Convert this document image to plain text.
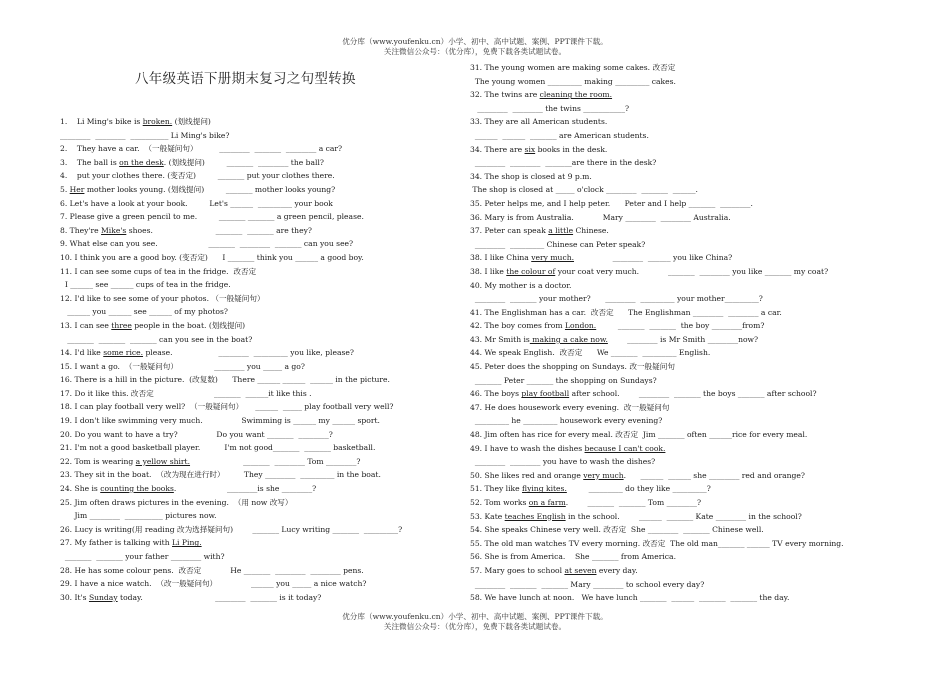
优分库（www.youfenku.cn）小学、初中、高中试题、案例、PPT课件下载。
关注微信公众号：（优分库），免费下载各类试题试卷。
八年级英语下册期末复习之句型转换
1.    Li Ming's bike is broken. (划线提问)
________  ________  __________ Li Ming's bike?
2.    They have a car.  （一般疑问句）         ________  _______  ________ a car?
3.    The ball is on the desk. (划线提问)         _______  ________ the ball?
4.    put your clothes there. (变否定)         _______ put your clothes there.
5. Her mother looks young. (划线提问)         _______ mother looks young?
6. Let's have a look at your book.         Let's ______  _________ your book
7. Please give a green pencil to me.         _______ _______ a green pencil, please.
8. They're Mike's shoes.                          _______  _______ are they?
9. What else can you see.                     _______  ________  _______ can you see?
10. I think you are a good boy. (变否定)      I _______ think you ______ a good boy.
11. I can see some cups of tea in the fridge.  改否定
I ______ see ______ cups of tea in the fridge.
12. I'd like to see some of your photos. （一般疑问句）
______ you ______ see ______ of my photos?
13. I can see three people in the boat. (划线提问)
_______  _______  _______ can you see in the boat?
14. I'd like some rice. please.                   ________  _________ you like, please?
15. I want a go.  （一般疑问句）               ________ you _____ a go?
16. There is a hill in the picture.  (改复数)      There ______ ______  ______ in the picture.
17. Do it like this. 改否定                         _______  ______it like this .
18. I can play football very well?  （一般疑问句）     ______  _____ play football very well?
19. I don't like swimming very much.                Swimming is ______ my ______ sport.
20. Do you want to have a try?                Do you want _______  ________?
21. I'm not a good basketball player.          I'm not good_______  _______ basketball.
22. Tom is wearing a yellow shirt.                      _______  ________ Tom ________?
23. They sit in the boat.  （改为现在进行时）        They ________  _________ in the boat.
24. She is counting the books.                     ________is she ________?
25. Jim often draws pictures in the evening.  （用 now 改写）
Jim ________  __________ pictures now.
26. Lucy is writing(用 reading 改为选择疑问句)        _______ Lucy writing _______  _________?
27. My father is talking with Li Ping.
_______  _______ your father ________ with?
28. He has some colour pens.  改否定            He _______  ________  ________ pens.
29. I have a nice watch.  （改一般疑问句）              ______ you _____ a nice watch?
30. It's Sunday today.                              ________  _______ is it today?
31. The young women are making some cakes. 改否定
The young women _________ making _________ cakes.
32. The twins are cleaning the room.
________  ________ the twins ___________?
33. They are all American students.
______  ______  _______ are American students.
34. There are six books in the desk.
________  ________  _______are there in the desk?
34. The shop is closed at 9 p.m.
The shop is closed at _____ o'clock ________  _______  ______.
35. Peter helps me, and I help peter.      Peter and I help _______  ________.
36. Mary is from Australia.            Mary ________  ________ Australia.
37. Peter can speak a little Chinese.
________  _________ Chinese can Peter speak?
38. I like China very much.                ________  ______ you like China?
38. I like the colour of your coat very much.            _______  ________ you like _______ my coat?
40. My mother is a doctor.
________  _______ your mother?      ________  _________ your mother_________?
41. The Englishman has a car.  改否定      The Englishman ________  ________ a car.
42. The boy comes from London.         _______  _______  the boy ________from?
43. Mr Smith is making a cake now.        ________ is Mr Smith ________now?
44. We speak English.  改否定      We _______  _________ English.
45. Peter does the shopping on Sundays. 改一般疑问句
_______ Peter _______ the shopping on Sundays?
46. The boys play football after school.        ________  _______ the boys _______ after school?
47. He does housework every evening.  改一般疑问句
_________ he _________ housework every evening?
48. Jim often has rice for every meal. 改否定  Jim _______ often ______rice for every meal.
49. I have to wash the dishes because I can't cook.
________  ________ you have to wash the dishes?
50. She likes red and orange very much.      ______  ______ she ________ red and orange?
51. They like flying kites.         _________ do they like _________?
52. Tom works on a farm.        _______  _______ Tom ________?
53. Kate teaches English in the school.        ______  _______ Kate ________ in the school?
54. She speaks Chinese very well. 改否定  She ________  _______ Chinese well.
55. The old man watches TV every morning. 改否定  The old man_______ ______ TV every morning.
56. She is from America.    She _______ from America.
57. Mary goes to school at seven every day.
________  _______  _______ Mary ________ to school every day?
58. We have lunch at noon.   We have lunch _______  ______  _______  _______ the day.
优分库（www.youfenku.cn）小学、初中、高中试题、案例、PPT课件下载。
关注微信公众号：（优分库），免费下载各类试题试卷。
